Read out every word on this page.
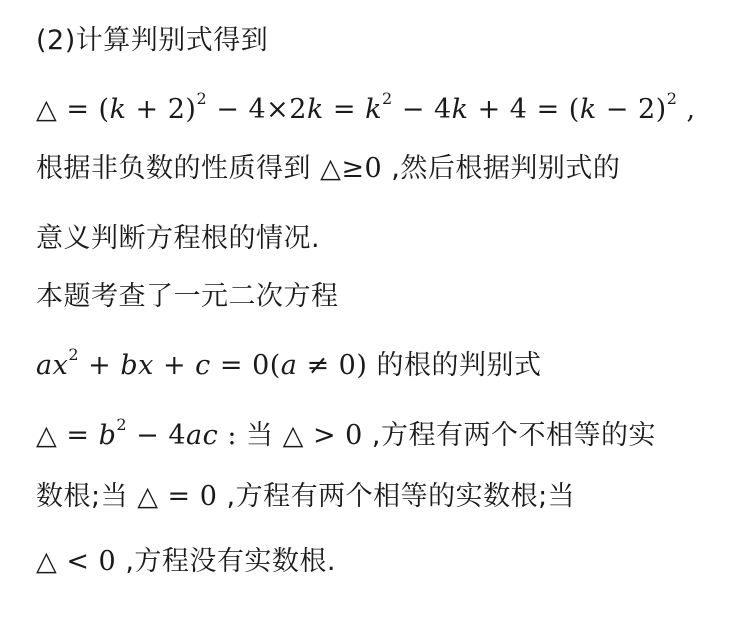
(2)计算判别式得到
△ = $(k + 2)^2 - 4\times 2k = k^2 - 4k + 4 = (k - 2)^2$ ,
根据非负数的性质得到 △≥0 ,然后根据判别式的
意义判断方程根的情况.
本题考查了一元二次方程
$ax^2$ + bx + c = 0(a ≠ 0) 的根的判别式
△ = $b^2 - 4ac$ : 当 △ > 0 ,方程有两个不相等的实
数根;当 △ = 0 ,方程有两个相等的实数根;当
△ < 0 ,方程没有实数根.
